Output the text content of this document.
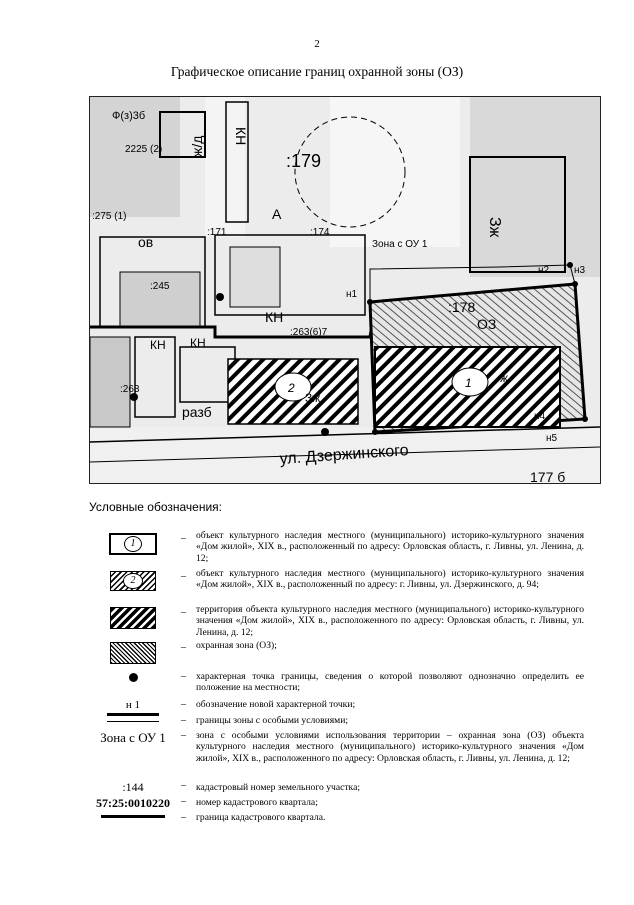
2
Графическое описание границ охранной зоны (ОЗ)
Ф(з)3б
2225 (2) ж/д
:179
КН
:275 (1)
ов
:171	:174
А
Зона с ОУ 1
н2 н3
Зж
н1
:245
КН
:263(6)7
:178
ОЗ
1
2
ж
:263
Зж
разб	н4
н5
ул. Дзержинского
177 б
КН КН
Условные обозначения:
1	– объект культурного наследия местного (муниципального) историко-культурного значения «Дом жилой», XIX в., расположенный по адресу: Орловская область, г. Ливны, ул. Ленина, д. 12;
2	– объект культурного наследия местного (муниципального) историко-культурного значения «Дом жилой», XIX в., расположенный по адресу: г. Ливны, ул. Дзержинского, д. 94;
– территория объекта культурного наследия местного (муниципального) историко-культурного значения «Дом жилой», XIX в., расположенного по адресу: Орловская область, г. Ливны, ул. Ленина, д. 12;
– охранная зона (ОЗ);
– характерная точка границы, сведения о которой позволяют однозначно определить ее положение на местности;
н 1	– обозначение новой характерной точки;
– границы зоны с особыми условиями;
Зона с ОУ 1	– зона с особыми условиями использования территории – охранная зона (ОЗ) объекта культурного наследия местного (муниципального) историко-культурного значения «Дом жилой», XIX в., расположенного по адресу: Орловская область, г. Ливны, ул. Ленина, д. 12;
:144	– кадастровый номер земельного участка;
57:25:0010220	– номер кадастрового квартала;
– граница кадастрового квартала.
